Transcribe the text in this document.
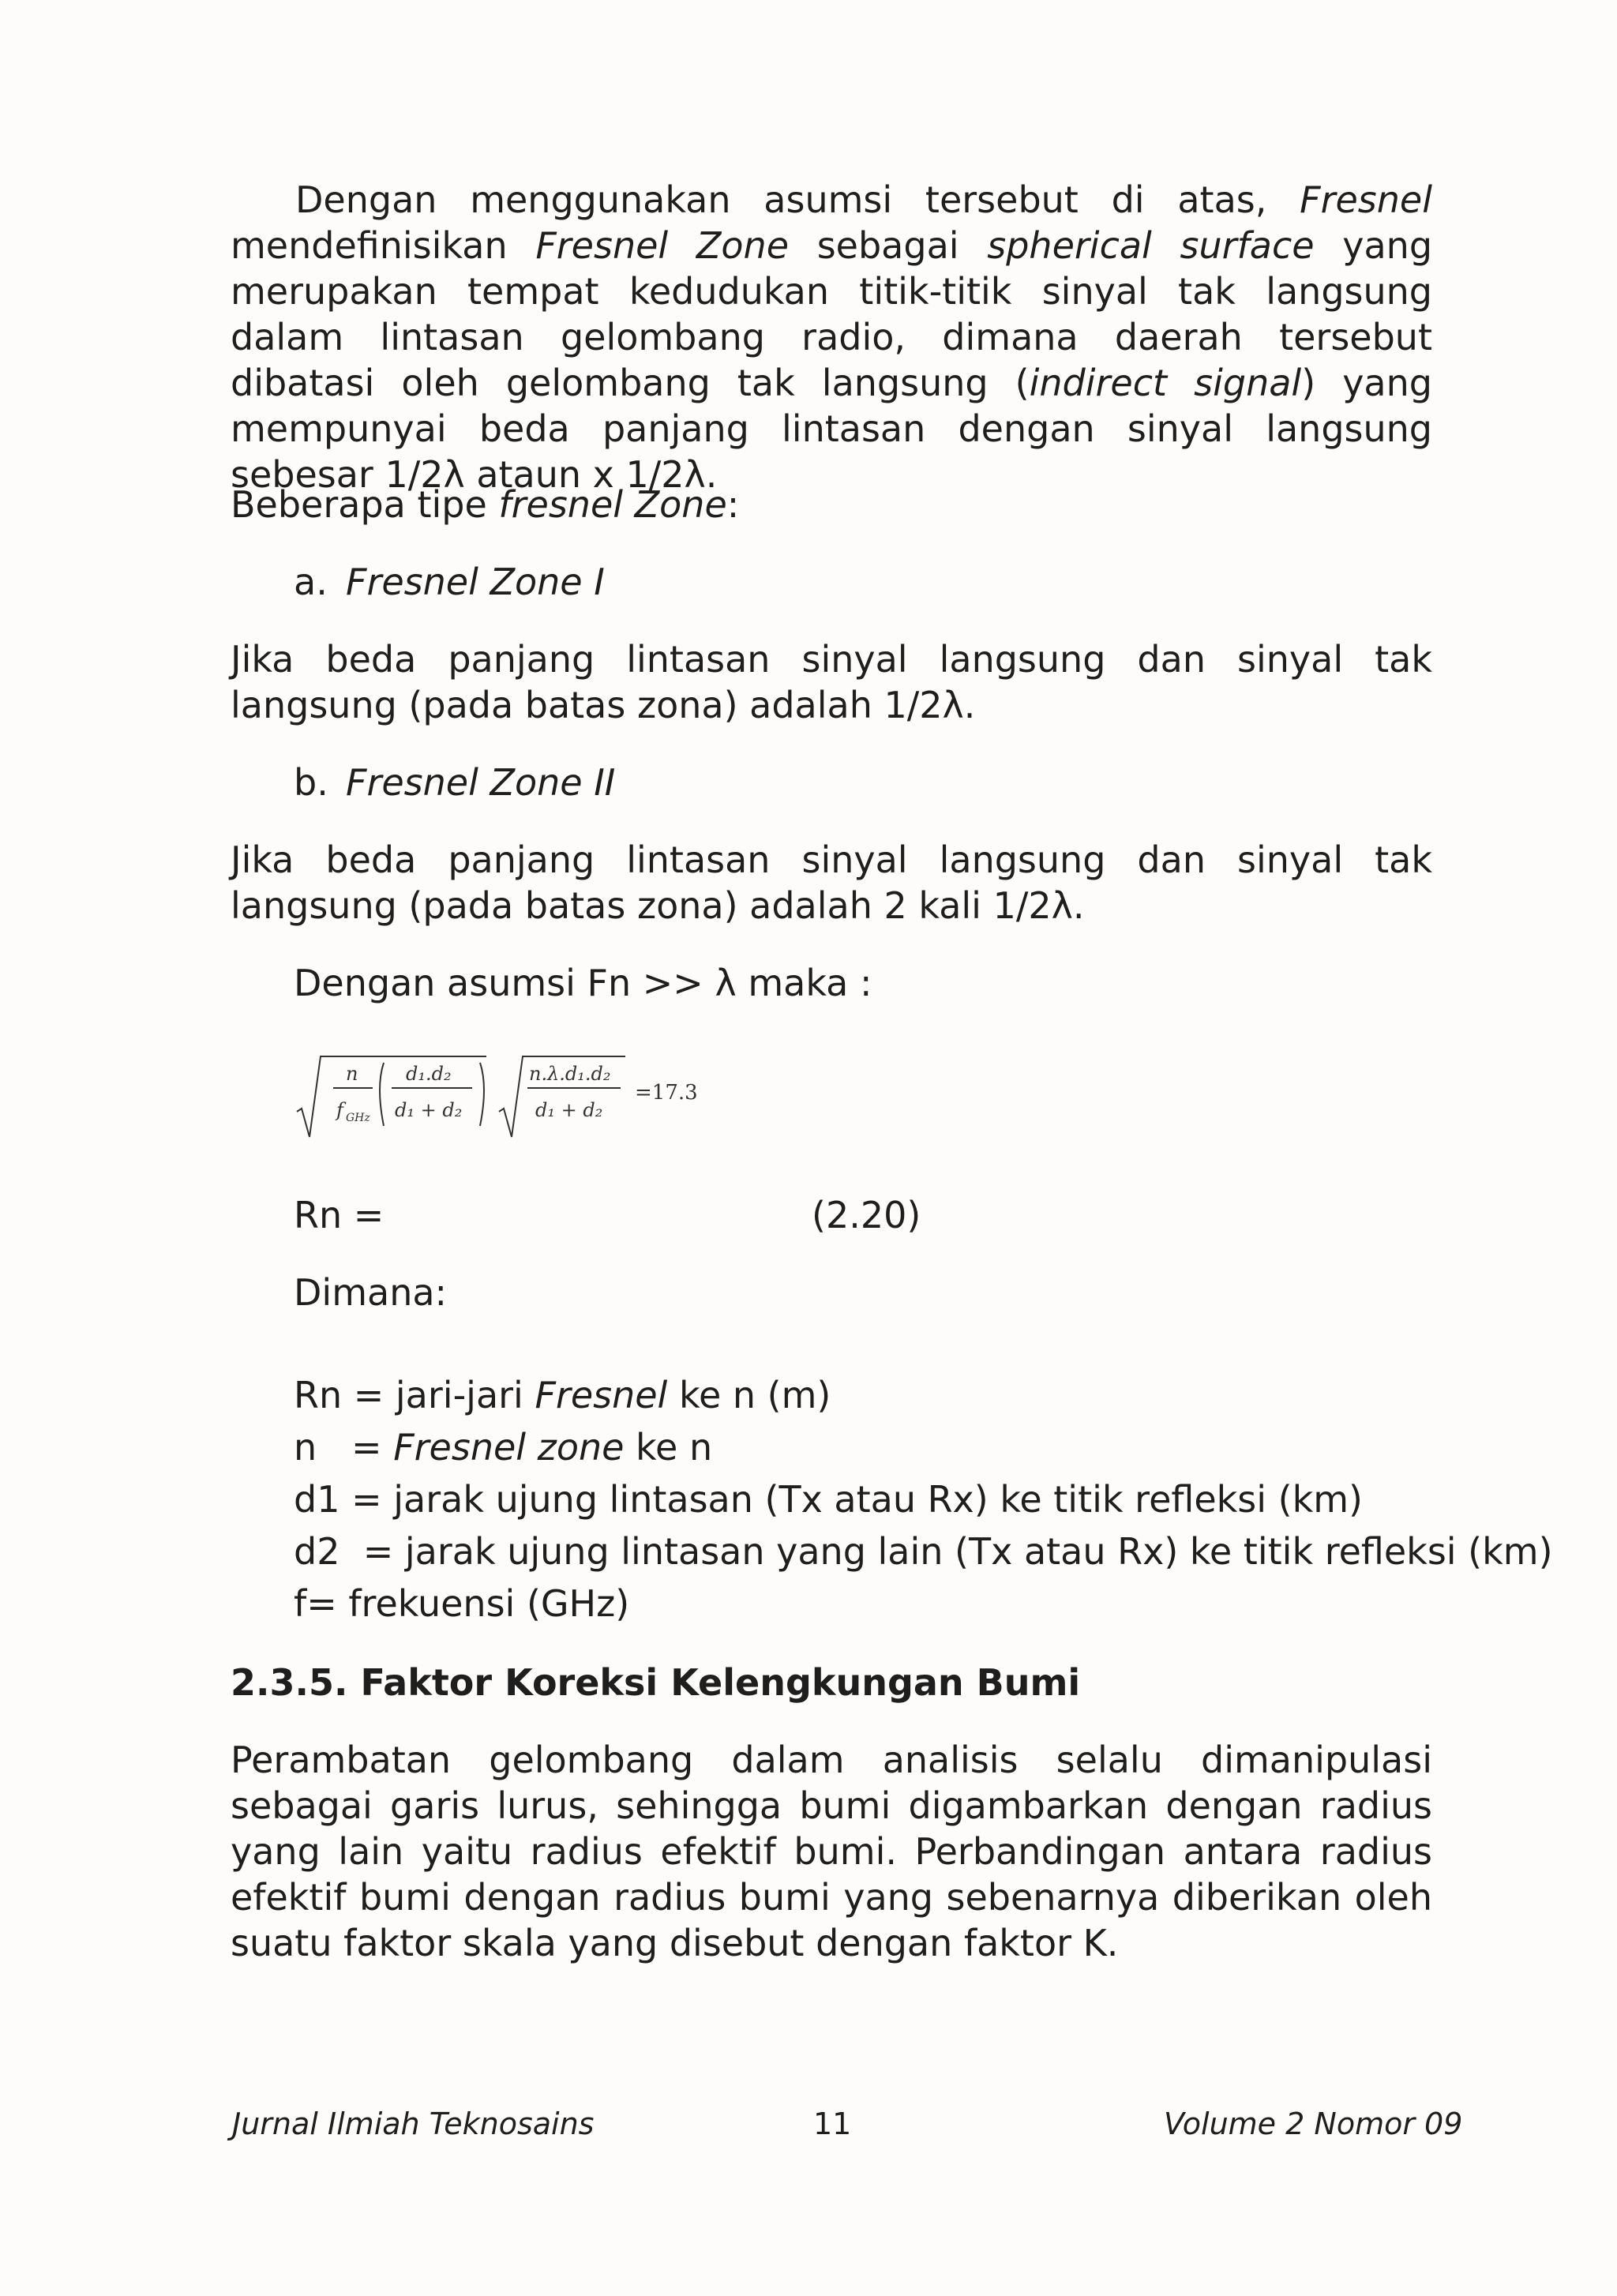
Dengan menggunakan asumsi tersebut di atas, Fresnel mendefinisikan Fresnel Zone sebagai spherical surface yang merupakan tempat kedudukan titik-titik sinyal tak langsung dalam lintasan gelombang radio, dimana daerah tersebut dibatasi oleh gelombang tak langsung (indirect signal) yang mempunyai beda panjang lintasan dengan sinyal langsung sebesar 1/2λ ataun x 1/2λ.

Beberapa tipe fresnel Zone:

a. Fresnel Zone I

Jika beda panjang lintasan sinyal langsung dan sinyal tak langsung (pada batas zona) adalah 1/2λ.

b. Fresnel Zone II

Jika beda panjang lintasan sinyal langsung dan sinyal tak langsung (pada batas zona) adalah 2 kali 1/2λ.

Dengan asumsi Fn >> λ maka :

n
f GHz
d₁.d₂
d₁ + d₂
n.λ.d₁.d₂
d₁ + d₂
=17.3
Rn =	(2.20)
Dimana:
Rn = jari-jari Fresnel ke n (m)
n   = Fresnel zone ke n
d1 = jarak ujung lintasan (Tx atau Rx) ke titik refleksi (km)
d2  = jarak ujung lintasan yang lain (Tx atau Rx) ke titik refleksi (km)
f= frekuensi (GHz)

2.3.5. Faktor Koreksi Kelengkungan Bumi

Perambatan gelombang dalam analisis selalu dimanipulasi sebagai garis lurus, sehingga bumi digambarkan dengan radius yang lain yaitu radius efektif bumi. Perbandingan antara radius efektif bumi dengan radius bumi yang sebenarnya diberikan oleh suatu faktor skala yang disebut dengan faktor K.

Jurnal Ilmiah Teknosains	11	Volume 2 Nomor 09
